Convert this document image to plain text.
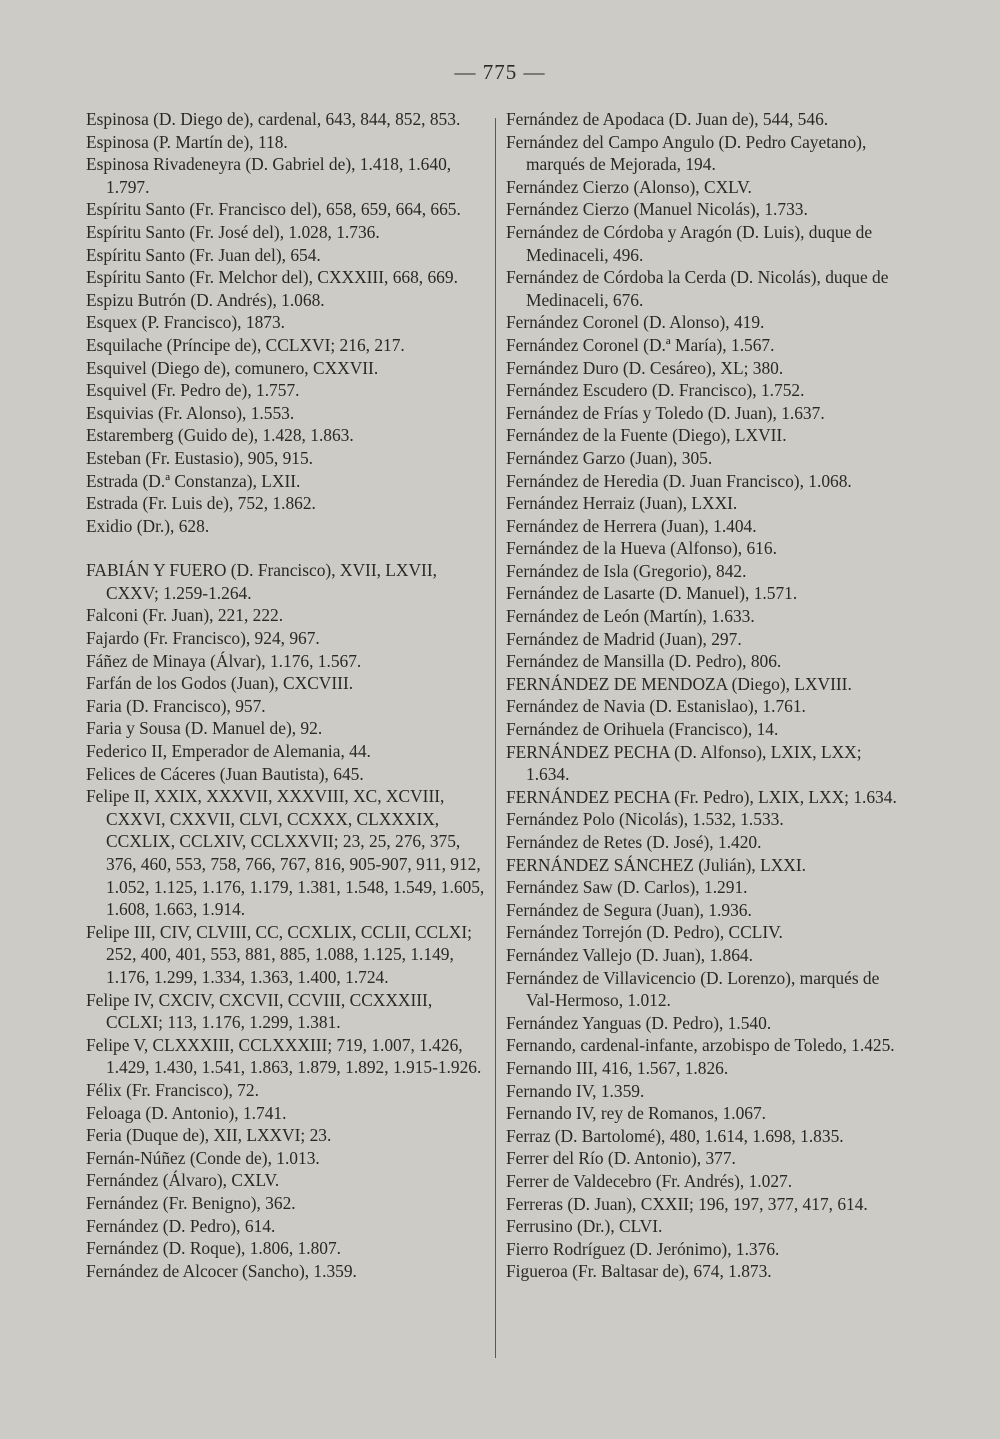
— 775 —

Espinosa (D. Diego de), cardenal, 643, 844, 852, 853.

Espinosa (P. Martín de), 118.

Espinosa Rivadeneyra (D. Gabriel de), 1.418, 1.640, 1.797.

Espíritu Santo (Fr. Francisco del), 658, 659, 664, 665.

Espíritu Santo (Fr. José del), 1.028, 1.736.

Espíritu Santo (Fr. Juan del), 654.

Espíritu Santo (Fr. Melchor del), CXXXIII, 668, 669.

Espizu Butrón (D. Andrés), 1.068.

Esquex (P. Francisco), 1873.

Esquilache (Príncipe de), CCLXVI; 216, 217.

Esquivel (Diego de), comunero, CXXVII.

Esquivel (Fr. Pedro de), 1.757.

Esquivias (Fr. Alonso), 1.553.

Estaremberg (Guido de), 1.428, 1.863.

Esteban (Fr. Eustasio), 905, 915.

Estrada (D.ª Constanza), LXII.

Estrada (Fr. Luis de), 752, 1.862.

Exidio (Dr.), 628.

FABIÁN Y FUERO (D. Francisco), XVII, LXVII, CXXV; 1.259-1.264.

Falconi (Fr. Juan), 221, 222.

Fajardo (Fr. Francisco), 924, 967.

Fáñez de Minaya (Álvar), 1.176, 1.567.

Farfán de los Godos (Juan), CXCVIII.

Faria (D. Francisco), 957.

Faria y Sousa (D. Manuel de), 92.

Federico II, Emperador de Alemania, 44.

Felices de Cáceres (Juan Bautista), 645.

Felipe II, XXIX, XXXVII, XXXVIII, XC, XCVIII, CXXVI, CXXVII, CLVI, CCXXX, CLXXXIX, CCXLIX, CCLXIV, CCLXXVII; 23, 25, 276, 375, 376, 460, 553, 758, 766, 767, 816, 905-907, 911, 912, 1.052, 1.125, 1.176, 1.179, 1.381, 1.548, 1.549, 1.605, 1.608, 1.663, 1.914.

Felipe III, CIV, CLVIII, CC, CCXLIX, CCLII, CCLXI; 252, 400, 401, 553, 881, 885, 1.088, 1.125, 1.149, 1.176, 1.299, 1.334, 1.363, 1.400, 1.724.

Felipe IV, CXCIV, CXCVII, CCVIII, CCXXXIII, CCLXI; 113, 1.176, 1.299, 1.381.

Felipe V, CLXXXIII, CCLXXXIII; 719, 1.007, 1.426, 1.429, 1.430, 1.541, 1.863, 1.879, 1.892, 1.915-1.926.

Félix (Fr. Francisco), 72.

Feloaga (D. Antonio), 1.741.

Feria (Duque de), XII, LXXVI; 23.

Fernán-Núñez (Conde de), 1.013.

Fernández (Álvaro), CXLV.

Fernández (Fr. Benigno), 362.

Fernández (D. Pedro), 614.

Fernández (D. Roque), 1.806, 1.807.

Fernández de Alcocer (Sancho), 1.359.

Fernández de Apodaca (D. Juan de), 544, 546.

Fernández del Campo Angulo (D. Pedro Cayetano), marqués de Mejorada, 194.

Fernández Cierzo (Alonso), CXLV.

Fernández Cierzo (Manuel Nicolás), 1.733.

Fernández de Córdoba y Aragón (D. Luis), duque de Medinaceli, 496.

Fernández de Córdoba la Cerda (D. Nicolás), duque de Medinaceli, 676.

Fernández Coronel (D. Alonso), 419.

Fernández Coronel (D.ª María), 1.567.

Fernández Duro (D. Cesáreo), XL; 380.

Fernández Escudero (D. Francisco), 1.752.

Fernández de Frías y Toledo (D. Juan), 1.637.

Fernández de la Fuente (Diego), LXVII.

Fernández Garzo (Juan), 305.

Fernández de Heredia (D. Juan Francisco), 1.068.

Fernández Herraiz (Juan), LXXI.

Fernández de Herrera (Juan), 1.404.

Fernández de la Hueva (Alfonso), 616.

Fernández de Isla (Gregorio), 842.

Fernández de Lasarte (D. Manuel), 1.571.

Fernández de León (Martín), 1.633.

Fernández de Madrid (Juan), 297.

Fernández de Mansilla (D. Pedro), 806.

FERNÁNDEZ DE MENDOZA (Diego), LXVIII.

Fernández de Navia (D. Estanislao), 1.761.

Fernández de Orihuela (Francisco), 14.

FERNÁNDEZ PECHA (D. Alfonso), LXIX, LXX; 1.634.

FERNÁNDEZ PECHA (Fr. Pedro), LXIX, LXX; 1.634.

Fernández Polo (Nicolás), 1.532, 1.533.

Fernández de Retes (D. José), 1.420.

FERNÁNDEZ SÁNCHEZ (Julián), LXXI.

Fernández Saw (D. Carlos), 1.291.

Fernández de Segura (Juan), 1.936.

Fernández Torrejón (D. Pedro), CCLIV.

Fernández Vallejo (D. Juan), 1.864.

Fernández de Villavicencio (D. Lorenzo), marqués de Val-Hermoso, 1.012.

Fernández Yanguas (D. Pedro), 1.540.

Fernando, cardenal-infante, arzobispo de Toledo, 1.425.

Fernando III, 416, 1.567, 1.826.

Fernando IV, 1.359.

Fernando IV, rey de Romanos, 1.067.

Ferraz (D. Bartolomé), 480, 1.614, 1.698, 1.835.

Ferrer del Río (D. Antonio), 377.

Ferrer de Valdecebro (Fr. Andrés), 1.027.

Ferreras (D. Juan), CXXII; 196, 197, 377, 417, 614.

Ferrusino (Dr.), CLVI.

Fierro Rodríguez (D. Jerónimo), 1.376.

Figueroa (Fr. Baltasar de), 674, 1.873.
